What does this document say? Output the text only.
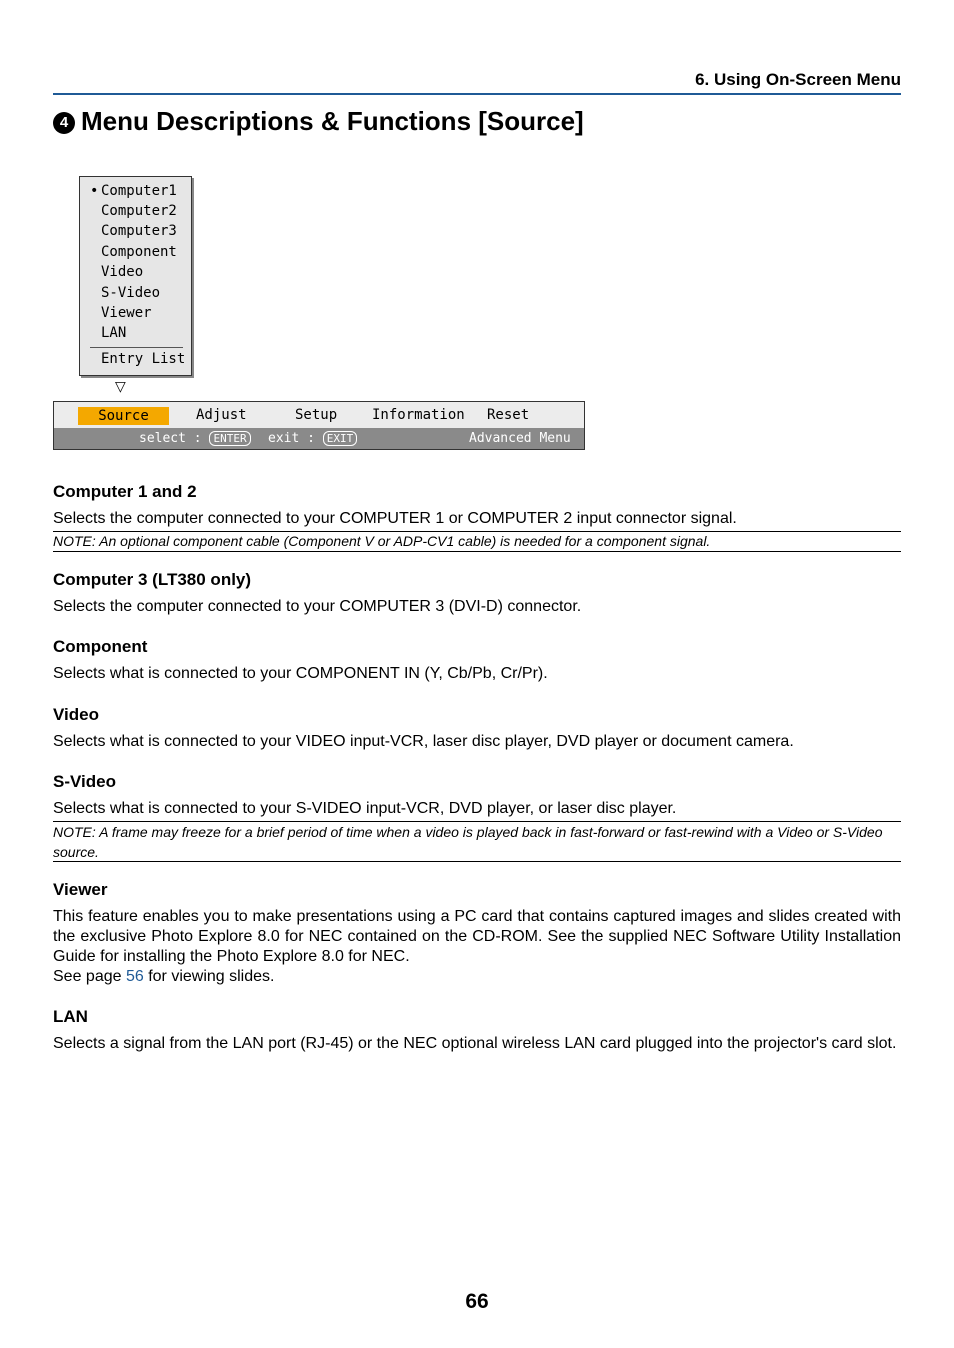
6. Using On-Screen Menu
4 Menu Descriptions & Functions [Source]
• Computer1
Computer2
Computer3
Component
Video
S-Video
Viewer
LAN
Entry List
▽
Source	Adjust	Setup Information Reset
select : ENTER	exit : EXIT	Advanced Menu
Computer 1 and 2
Selects the computer connected to your COMPUTER 1 or COMPUTER 2 input connector signal.
NOTE: An optional component cable (Component V or ADP-CV1 cable) is needed for a component signal.
Computer 3 (LT380 only)
Selects the computer connected to your COMPUTER 3 (DVI-D) connector.
Component
Selects what is connected to your COMPONENT IN (Y, Cb/Pb, Cr/Pr).
Video
Selects what is connected to your VIDEO input-VCR, laser disc player, DVD player or document camera.
S-Video
Selects what is connected to your S-VIDEO input-VCR, DVD player, or laser disc player.
NOTE: A frame may freeze for a brief period of time when a video is played back in fast-forward or fast-rewind with a Video or S-Video source.
Viewer
This feature enables you to make presentations using a PC card that contains captured images and slides created with the exclusive Photo Explore 8.0 for NEC contained on the CD-ROM. See the supplied NEC Software Utility Installation Guide for installing the Photo Explore 8.0 for NEC.
See page 56 for viewing slides.
LAN
Selects a signal from the LAN port (RJ-45) or the NEC optional wireless LAN card plugged into the projector's card slot.
66
